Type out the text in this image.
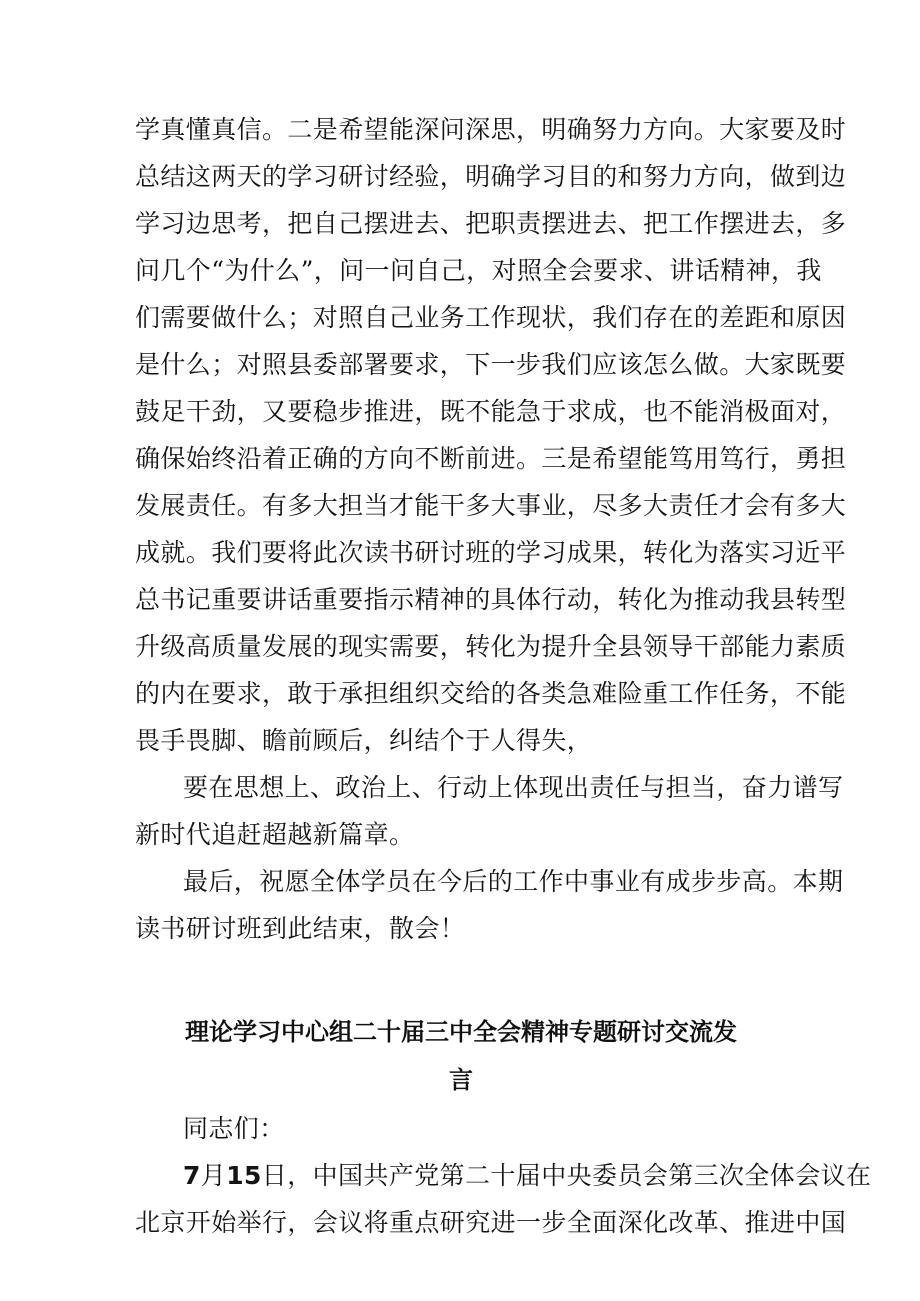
学真懂真信。二是希望能深问深思，明确努力方向。大家要及时
总结这两天的学习研讨经验，明确学习目的和努力方向，做到边
学习边思考，把自己摆进去、把职责摆进去、把工作摆进去，多
问几个“为什么”，问一问自己，对照全会要求、讲话精神，我
们需要做什么；对照自己业务工作现状，我们存在的差距和原因
是什么；对照县委部署要求，下一步我们应该怎么做。大家既要
鼓足干劲，又要稳步推进，既不能急于求成，也不能消极面对，
确保始终沿着正确的方向不断前进。三是希望能笃用笃行，勇担
发展责任。有多大担当才能干多大事业，尽多大责任才会有多大
成就。我们要将此次读书研讨班的学习成果，转化为落实习近平
总书记重要讲话重要指示精神的具体行动，转化为推动我县转型
升级高质量发展的现实需要，转化为提升全县领导干部能力素质
的内在要求，敢于承担组织交给的各类急难险重工作任务，不能
畏手畏脚、瞻前顾后，纠结个于人得失，
要在思想上、政治上、行动上体现出责任与担当，奋力谱写
新时代追赶超越新篇章。
最后，祝愿全体学员在今后的工作中事业有成步步高。本期
读书研讨班到此结束，散会！
理论学习中心组二十届三中全会精神专题研讨交流发
言
同志们：
7月15日，中国共产党第二十届中央委员会第三次全体会议在
北京开始举行，会议将重点研究进一步全面深化改革、推进中国
